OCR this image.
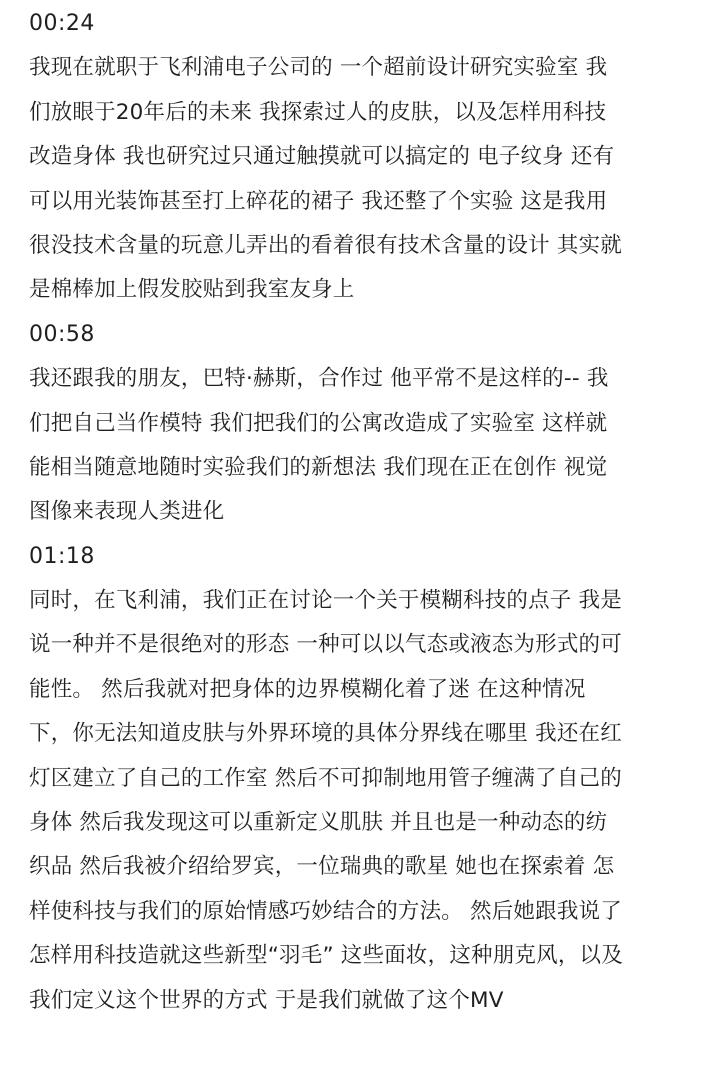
00:24
我现在就职于飞利浦电子公司的 一个超前设计研究实验室 我
们放眼于20年后的未来 我探索过人的皮肤，以及怎样用科技
改造身体 我也研究过只通过触摸就可以搞定的 电子纹身 还有
可以用光装饰甚至打上碎花的裙子 我还整了个实验 这是我用
很没技术含量的玩意儿弄出的看着很有技术含量的设计 其实就
是棉棒加上假发胶贴到我室友身上
00:58
我还跟我的朋友，巴特·赫斯，合作过 他平常不是这样的-- 我
们把自己当作模特 我们把我们的公寓改造成了实验室 这样就
能相当随意地随时实验我们的新想法 我们现在正在创作 视觉
图像来表现人类进化
01:18
同时，在飞利浦，我们正在讨论一个关于模糊科技的点子 我是
说一种并不是很绝对的形态 一种可以以气态或液态为形式的可
能性。 然后我就对把身体的边界模糊化着了迷 在这种情况
下，你无法知道皮肤与外界环境的具体分界线在哪里 我还在红
灯区建立了自己的工作室 然后不可抑制地用管子缠满了自己的
身体 然后我发现这可以重新定义肌肤 并且也是一种动态的纺
织品 然后我被介绍给罗宾，一位瑞典的歌星 她也在探索着 怎
样使科技与我们的原始情感巧妙结合的方法。 然后她跟我说了
怎样用科技造就这些新型“羽毛” 这些面妆，这种朋克风，以及
我们定义这个世界的方式 于是我们就做了这个MV
